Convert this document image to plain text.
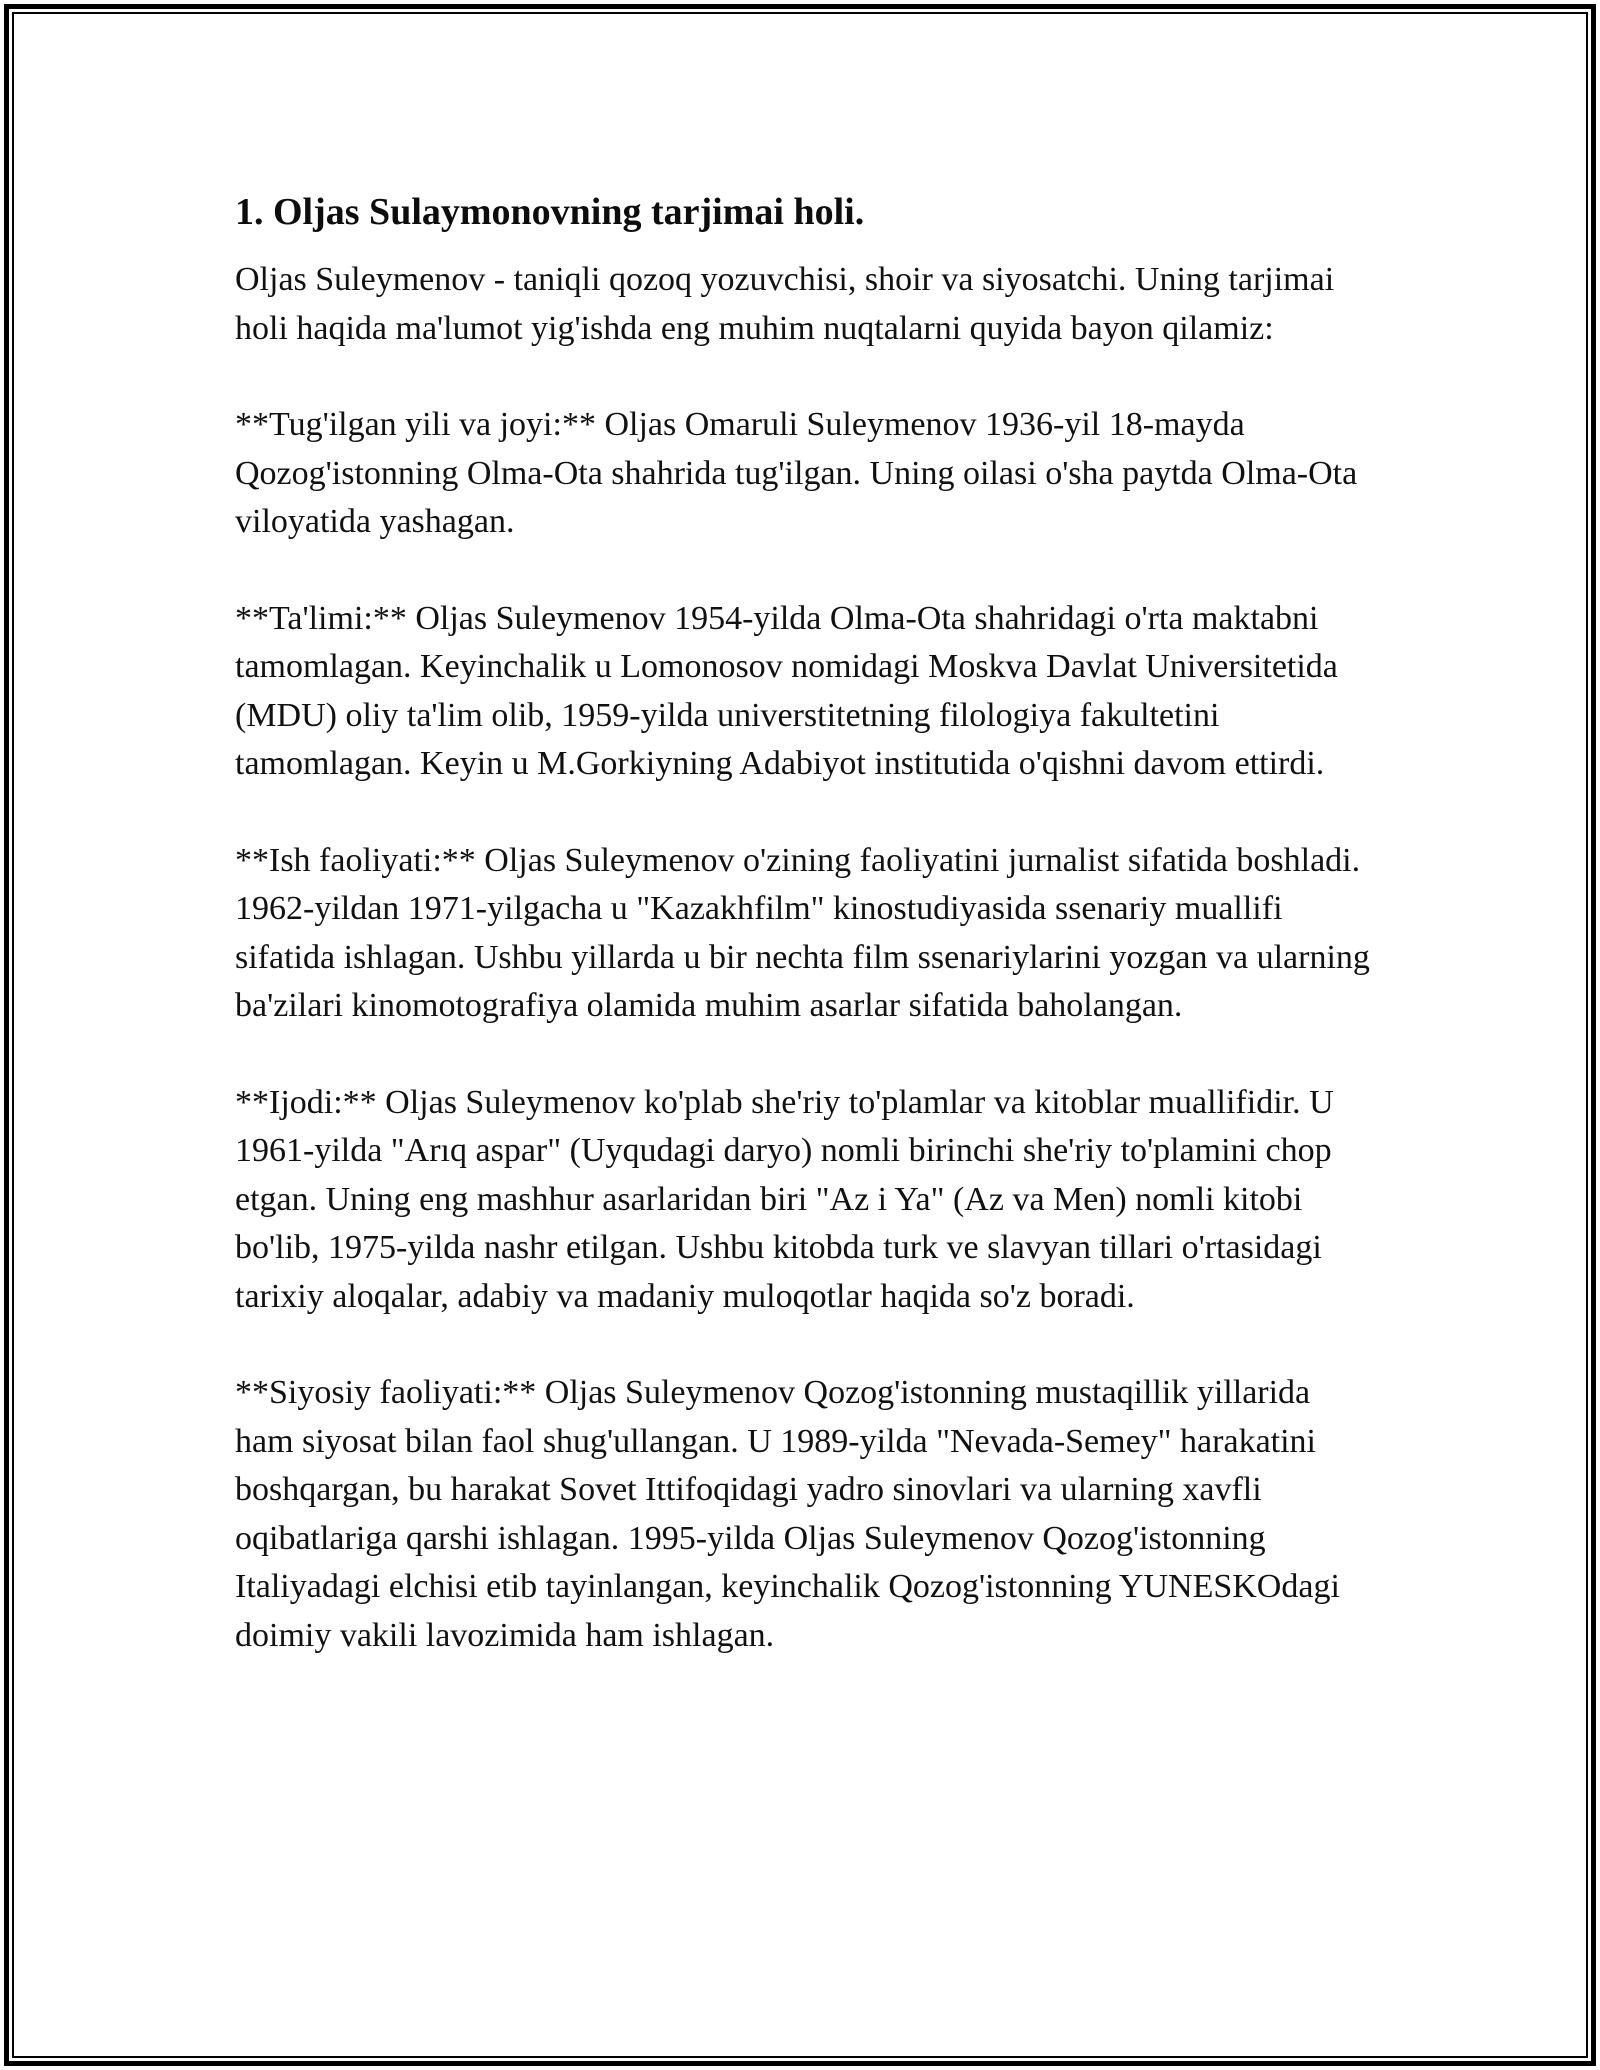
1. Oljas Sulaymonovning tarjimai holi.

Oljas Suleymenov - taniqli qozoq yozuvchisi, shoir va siyosatchi. Uning tarjimai holi haqida ma'lumot yig'ishda eng muhim nuqtalarni quyida bayon qilamiz:

**Tug'ilgan yili va joyi:** Oljas Omaruli Suleymenov 1936-yil 18-mayda Qozog'istonning Olma-Ota shahrida tug'ilgan. Uning oilasi o'sha paytda Olma-Ota viloyatida yashagan.

**Ta'limi:** Oljas Suleymenov 1954-yilda Olma-Ota shahridagi o'rta maktabni tamomlagan. Keyinchalik u Lomonosov nomidagi Moskva Davlat Universitetida (MDU) oliy ta'lim olib, 1959-yilda universtitetning filologiya fakultetini tamomlagan. Keyin u M.Gorkiyning Adabiyot institutida o'qishni davom ettirdi.

**Ish faoliyati:** Oljas Suleymenov o'zining faoliyatini jurnalist sifatida boshladi. 1962-yildan 1971-yilgacha u "Kazakhfilm" kinostudiyasida ssenariy muallifi sifatida ishlagan. Ushbu yillarda u bir nechta film ssenariylarini yozgan va ularning ba'zilari kinomotografiya olamida muhim asarlar sifatida baholangan.

**Ijodi:** Oljas Suleymenov ko'plab she'riy to'plamlar va kitoblar muallifidir. U 1961-yilda "Arıq aspar" (Uyqudagi daryo) nomli birinchi she'riy to'plamini chop etgan. Uning eng mashhur asarlaridan biri "Az i Ya" (Az va Men) nomli kitobi bo'lib, 1975-yilda nashr etilgan. Ushbu kitobda turk ve slavyan tillari o'rtasidagi tarixiy aloqalar, adabiy va madaniy muloqotlar haqida so'z boradi.

**Siyosiy faoliyati:** Oljas Suleymenov Qozog'istonning mustaqillik yillarida ham siyosat bilan faol shug'ullangan. U 1989-yilda "Nevada-Semey" harakatini boshqargan, bu harakat Sovet Ittifoqidagi yadro sinovlari va ularning xavfli oqibatlariga qarshi ishlagan. 1995-yilda Oljas Suleymenov Qozog'istonning Italiyadagi elchisi etib tayinlangan, keyinchalik Qozog'istonning YUNESKOdagi doimiy vakili lavozimida ham ishlagan.
